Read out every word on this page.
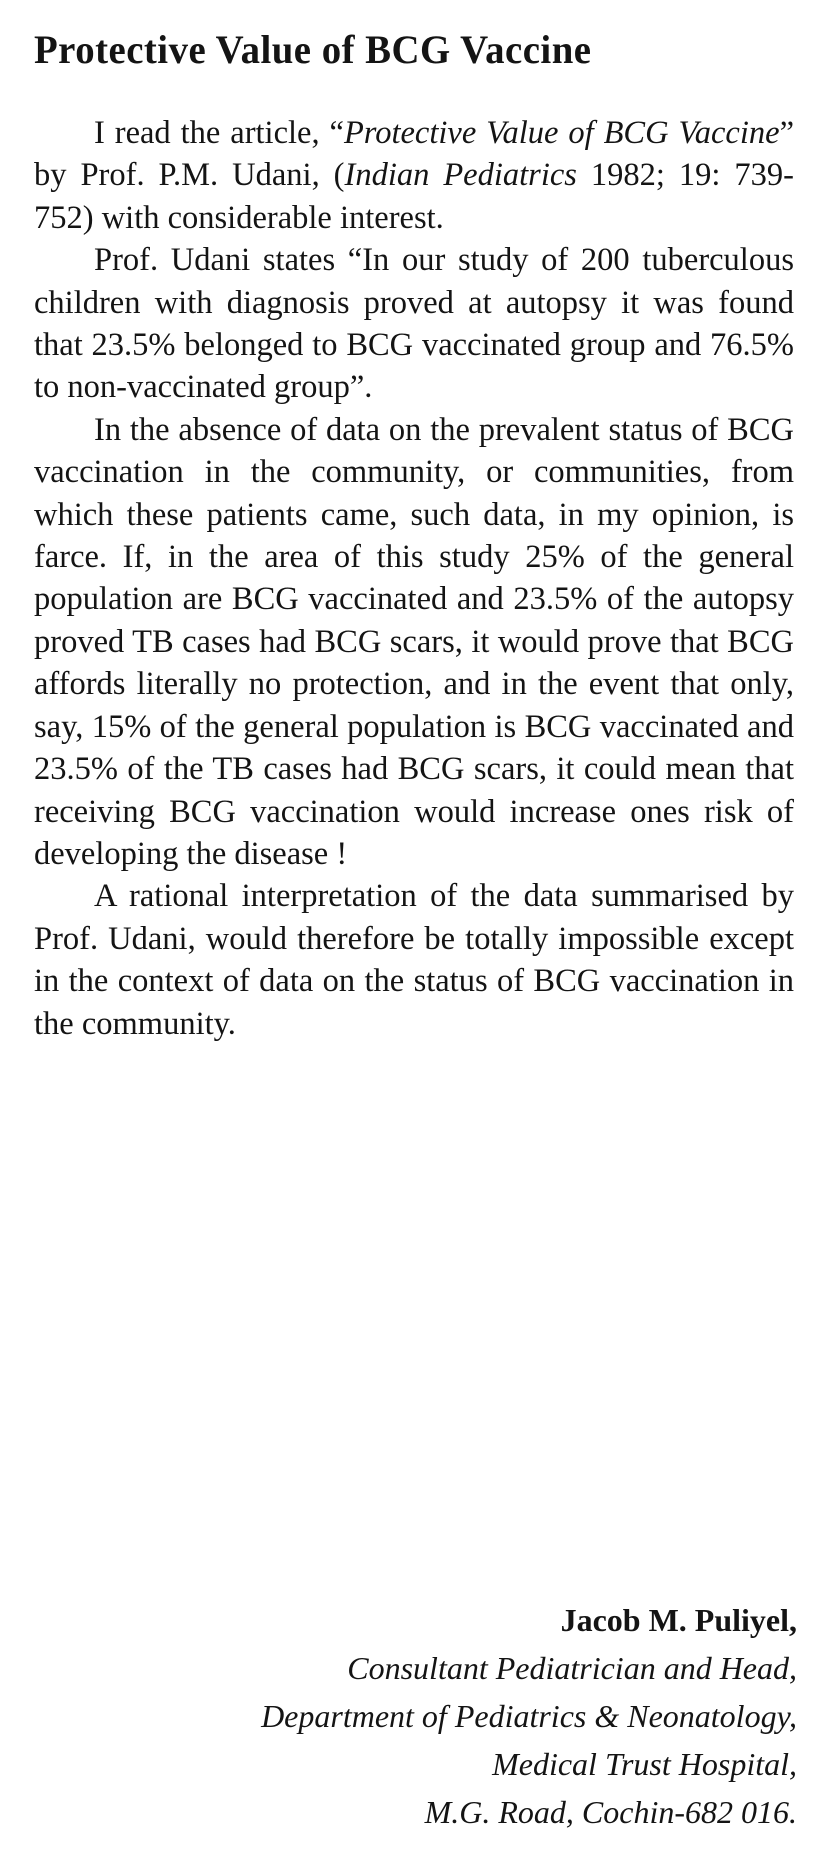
Protective Value of BCG Vaccine

I read the article, “Protective Value of BCG Vaccine” by Prof. P.M. Udani, (Indian Pediatrics 1982; 19: 739-752) with considerable interest.

Prof. Udani states “In our study of 200 tuberculous children with diagnosis proved at autopsy it was found that 23.5% belonged to BCG vaccinated group and 76.5% to non-vaccinated group”.

In the absence of data on the prevalent status of BCG vaccination in the community, or communities, from which these patients came, such data, in my opinion, is farce. If, in the area of this study 25% of the general population are BCG vaccinated and 23.5% of the autopsy proved TB cases had BCG scars, it would prove that BCG affords literally no protection, and in the event that only, say, 15% of the general population is BCG vaccinated and 23.5% of the TB cases had BCG scars, it could mean that receiving BCG vaccination would increase ones risk of developing the disease !

A rational interpretation of the data summarised by Prof. Udani, would therefore be totally impossible except in the context of data on the status of BCG vaccination in the community.

Jacob M. Puliyel,
Consultant Pediatrician and Head,
Department of Pediatrics & Neonatology,
Medical Trust Hospital,
M.G. Road, Cochin-682 016.
